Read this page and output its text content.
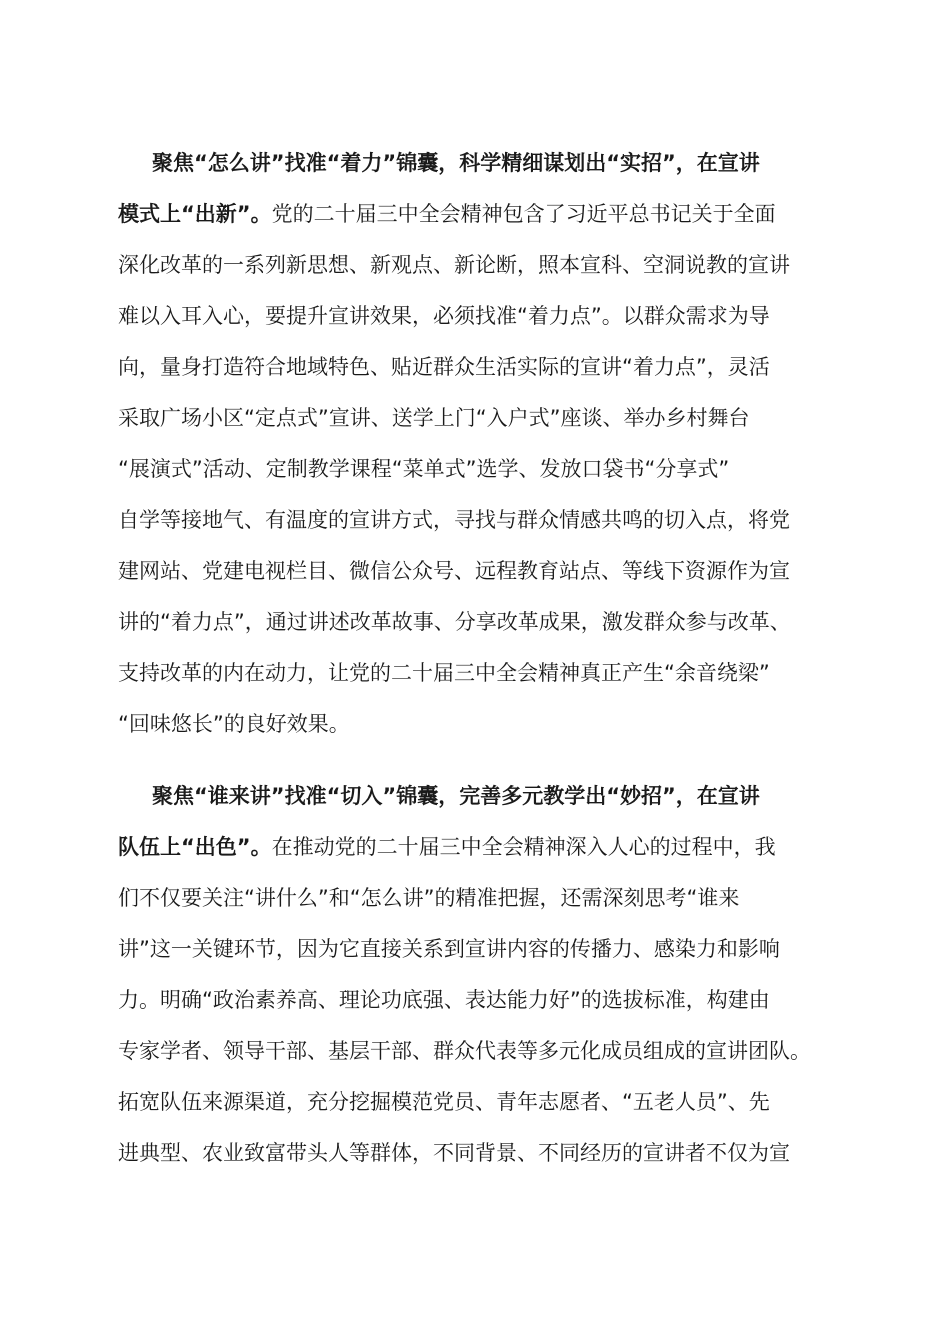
聚焦“怎么讲”找准“着力”锦囊，科学精细谋划出“实招”，在宣讲
模式上“出新”。党的二十届三中全会精神包含了习近平总书记关于全面
深化改革的一系列新思想、新观点、新论断，照本宣科、空洞说教的宣讲
难以入耳入心，要提升宣讲效果，必须找准“着力点”。以群众需求为导
向，量身打造符合地域特色、贴近群众生活实际的宣讲“着力点”，灵活
采取广场小区“定点式”宣讲、送学上门“入户式”座谈、举办乡村舞台
“展演式”活动、定制教学课程“菜单式”选学、发放口袋书“分享式”
自学等接地气、有温度的宣讲方式，寻找与群众情感共鸣的切入点，将党
建网站、党建电视栏目、微信公众号、远程教育站点、等线下资源作为宣
讲的“着力点”，通过讲述改革故事、分享改革成果，激发群众参与改革、
支持改革的内在动力，让党的二十届三中全会精神真正产生“余音绕梁”
“回味悠长”的良好效果。
聚焦“谁来讲”找准“切入”锦囊，完善多元教学出“妙招”，在宣讲
队伍上“出色”。在推动党的二十届三中全会精神深入人心的过程中，我
们不仅要关注“讲什么”和“怎么讲”的精准把握，还需深刻思考“谁来
讲”这一关键环节，因为它直接关系到宣讲内容的传播力、感染力和影响
力。明确“政治素养高、理论功底强、表达能力好”的选拔标准，构建由
专家学者、领导干部、基层干部、群众代表等多元化成员组成的宣讲团队。
拓宽队伍来源渠道，充分挖掘模范党员、青年志愿者、“五老人员”、先
进典型、农业致富带头人等群体，不同背景、不同经历的宣讲者不仅为宣
